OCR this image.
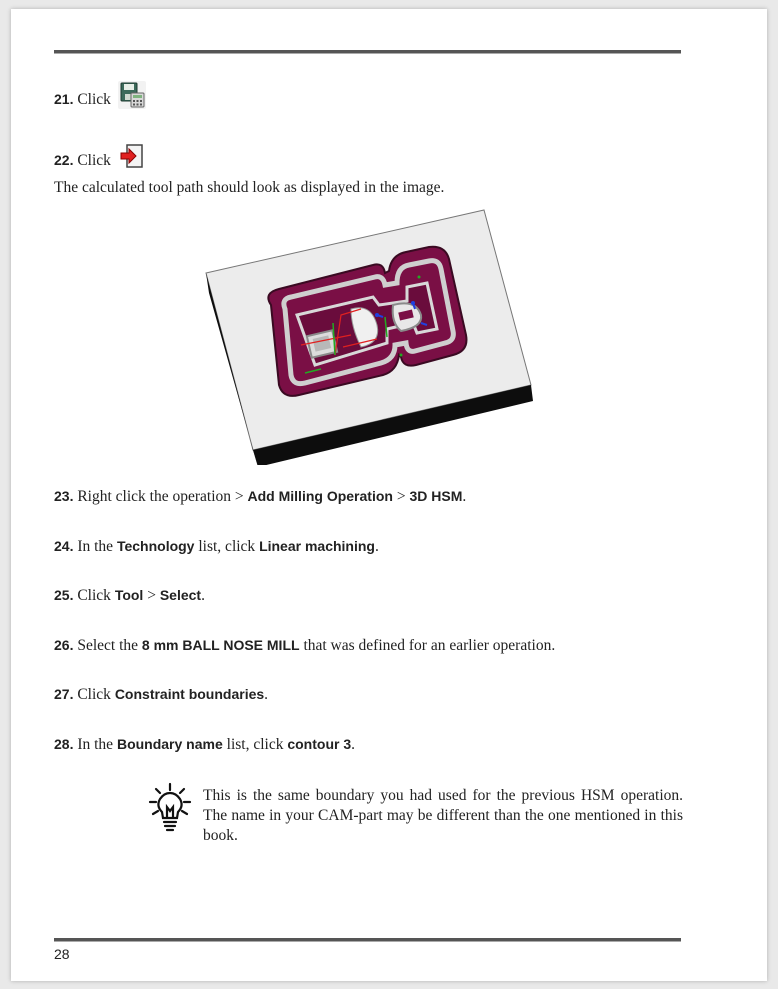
21. Click
22. Click
The calculated tool path should look as displayed in the image.
23. Right click the operation > Add Milling Operation > 3D HSM.
24. In the Technology list, click Linear machining.
25. Click Tool > Select.
26. Select the 8 mm BALL NOSE MILL that was defined for an earlier operation.
27. Click Constraint boundaries.
28. In the Boundary name list, click contour 3.
This is the same boundary you had used for the previous HSM operation. The name in your CAM-part may be different than the one mentioned in this book.
28
